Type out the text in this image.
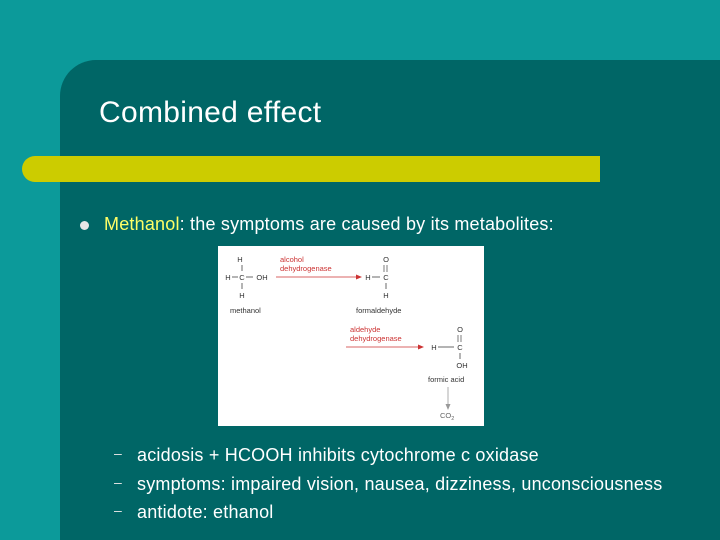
Combined effect
Methanol: the symptoms are caused by its metabolites:
H
H C OH
H
methanol
alcohol
dehydrogenase
O
H C
H
formaldehyde
aldehyde
dehydrogenase
O
H	C
OH
formic acid
$CO_2$
– acidosis + HCOOH inhibits cytochrome c oxidase
– symptoms: impaired vision, nausea, dizziness, unconsciousness
– antidote: ethanol
